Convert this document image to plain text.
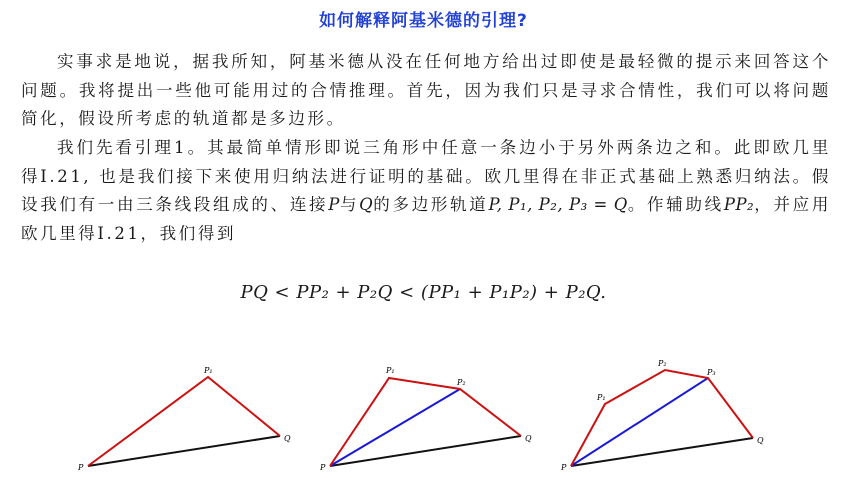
如何解释阿基米德的引理?

实事求是地说，据我所知，阿基米德从没在任何地方给出过即使是最轻微的提示来回答这个问题。我将提出一些他可能用过的合情推理。首先，因为我们只是寻求合情性，我们可以将问题简化，假设所考虑的轨道都是多边形。

我们先看引理1。其最简单情形即说三角形中任意一条边小于另外两条边之和。此即欧几里得I.21, 也是我们接下来使用归纳法进行证明的基础。欧几里得在非正式基础上熟悉归纳法。假设我们有一由三条线段组成的、连接P与Q的多边形轨道P, P₁, P₂, P₃ = Q。作辅助线PP₂，并应用欧几里得I.21，我们得到

PQ < PP₂ + P₂Q < (PP₁ + P₁P₂) + P₂Q.
P
P₁
Q
P
P₁
P₂
Q
P
P₁
P₂
P₃
Q
